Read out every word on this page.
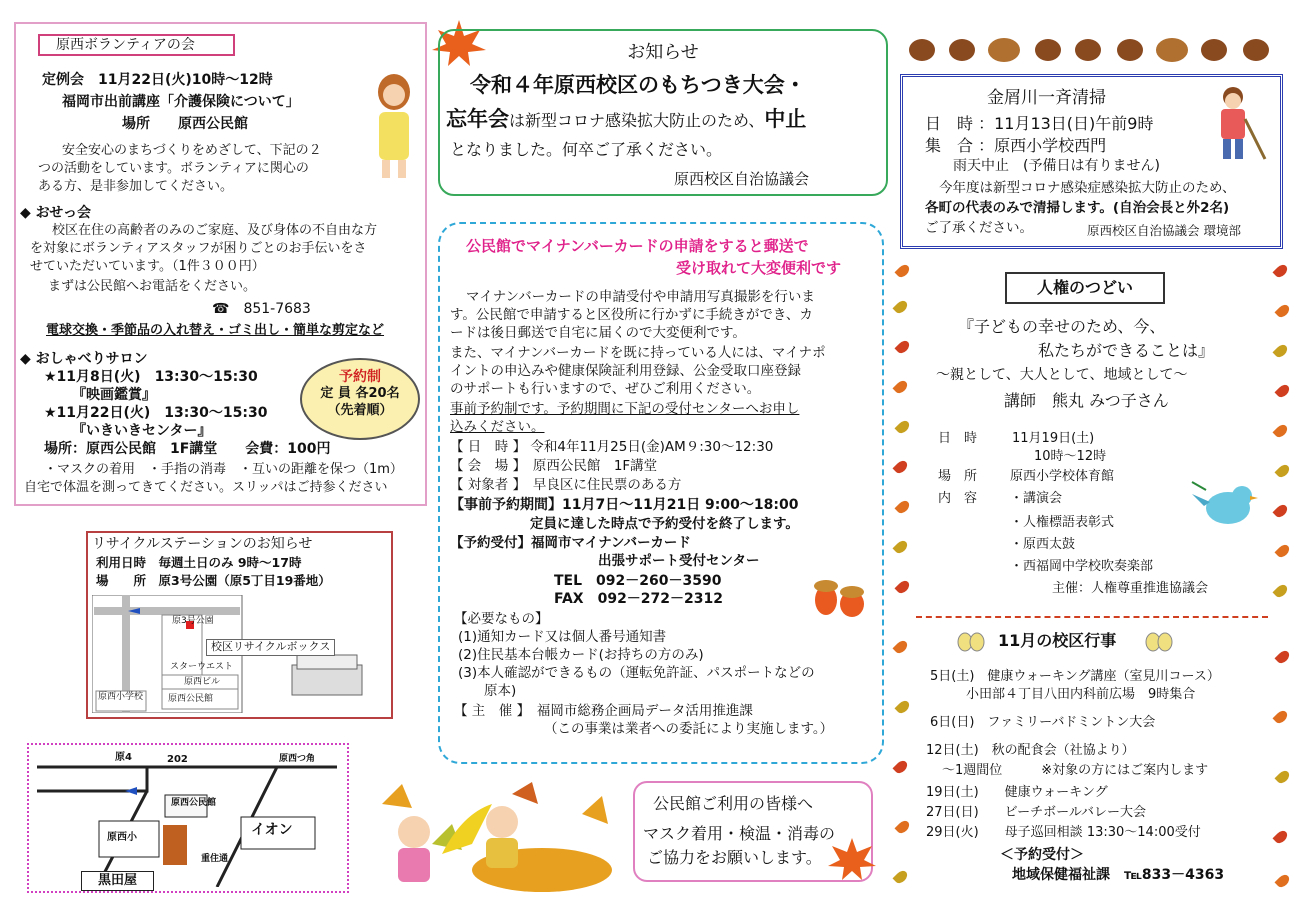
原西ボランティアの会
定例会　11月22日(火)10時～12時
福岡市出前講座「介護保険について」
場所　　原西公民館
安全安心のまちづくりをめざして、下記の２
つの活動をしています。ボランティアに関心の
ある方、是非参加してください。
◆ おせっ会
校区在住の高齢者のみのご家庭、及び身体の不自由な方
を対象にボランティアスタッフが困りごとのお手伝いをさ
せていただいています。（1件３００円）
まずは公民館へお電話をください。
☎　851-7683
電球交換・季節品の入れ替え・ゴミ出し・簡単な剪定など
◆ おしゃべりサロン
★11月8日(火)　13:30～15:30
『映画鑑賞』
★11月22日(火)　13:30～15:30
『いきいきセンター』
場所：原西公民館　1F講堂　　会費：100円
・マスクの着用　・手指の消毒　・互いの距離を保つ（1m）
自宅で体温を測ってきてください。スリッパはご持参ください
予約制
定 員 各20名
（先着順）
リサイクルステーションのお知らせ
利用日時　毎週土日のみ 9時～17時
場　　所　原3号公園（原5丁目19番地）
原3号公園
校区リサイクルボックス
スターウエスト
原西ビル
原西小学校	原西公民館
原4	202	原西つ角
原西公民館
原西小	イオン
重住通
黒田屋
お知らせ
令和４年原西校区のもちつき大会・
忘年会は新型コロナ感染拡大防止のため、中止
となりました。何卒ご了承ください。
原西校区自治協議会
公民館でマイナンバーカードの申請をすると郵送で
受け取れて大変便利です
マイナンバーカードの申請受付や申請用写真撮影を行いま
す。公民館で申請すると区役所に行かずに手続きができ、カ
ードは後日郵送で自宅に届くので大変便利です。
また、マイナンバーカードを既に持っている人には、マイナポ
イントの申込みや健康保険証利用登録、公金受取口座登録
のサポートも行いますので、ぜひご利用ください。
事前予約制です。予約期間に下記の受付センターへお申し
込みください。
【 日　時 】 令和4年11月25日(金)AM９:30～12:30
【 会　場 】　原西公民館　1F講堂
【 対象者 】　早良区に住民票のある方
【事前予約期間】11月7日～11月21日 9:00～18:00
定員に達した時点で予約受付を終了します。
【予約受付】福岡市マイナンバーカード
出張サポート受付センター
TEL　092－260－3590
FAX　092－272－2312
【必要なもの】
(1)通知カード又は個人番号通知書
(2)住民基本台帳カード(お持ちの方のみ)
(3)本人確認ができるもの（運転免許証、パスポートなどの
原本)
【 主　催 】　福岡市総務企画局データ活用推進課
（この事業は業者への委託により実施します。）
公民館ご利用の皆様へ
マスク着用・検温・消毒の
ご協力をお願いします。
金屑川一斉清掃
日　時 ：11月13日(日)午前9時
集　合 ：原西小学校西門
雨天中止　(予備日は有りません)
今年度は新型コロナ感染症感染拡大防止のため、
各町の代表のみで清掃します。(自治会長と外2名)
ご了承ください。	原西校区自治協議会 環境部
人権のつどい
『子どもの幸せのため、今、
私たちができることは』
～親として、大人として、地域として～
講師　熊丸 みつ子さん
日　時	11月19日(土)
10時～12時
場　所	原西小学校体育館
内　容	・講演会
・人権標語表彰式
・原西太鼓
・西福岡中学校吹奏楽部
主催：人権尊重推進協議会
11月の校区行事
5日(土)　健康ウォーキング講座（室見川コース）
小田部４丁目八田内科前広場　9時集合
6日(日)　ファミリーバドミントン大会
12日(土)　秋の配食会（社協より）
～1週間位　　　※対象の方にはご案内します
19日(土)　　健康ウォーキング
27日(日)　　ビーチボールバレー大会
29日(火)　　母子巡回相談 13:30～14:00受付
＜予約受付＞
地域保健福祉課　℡833－4363
